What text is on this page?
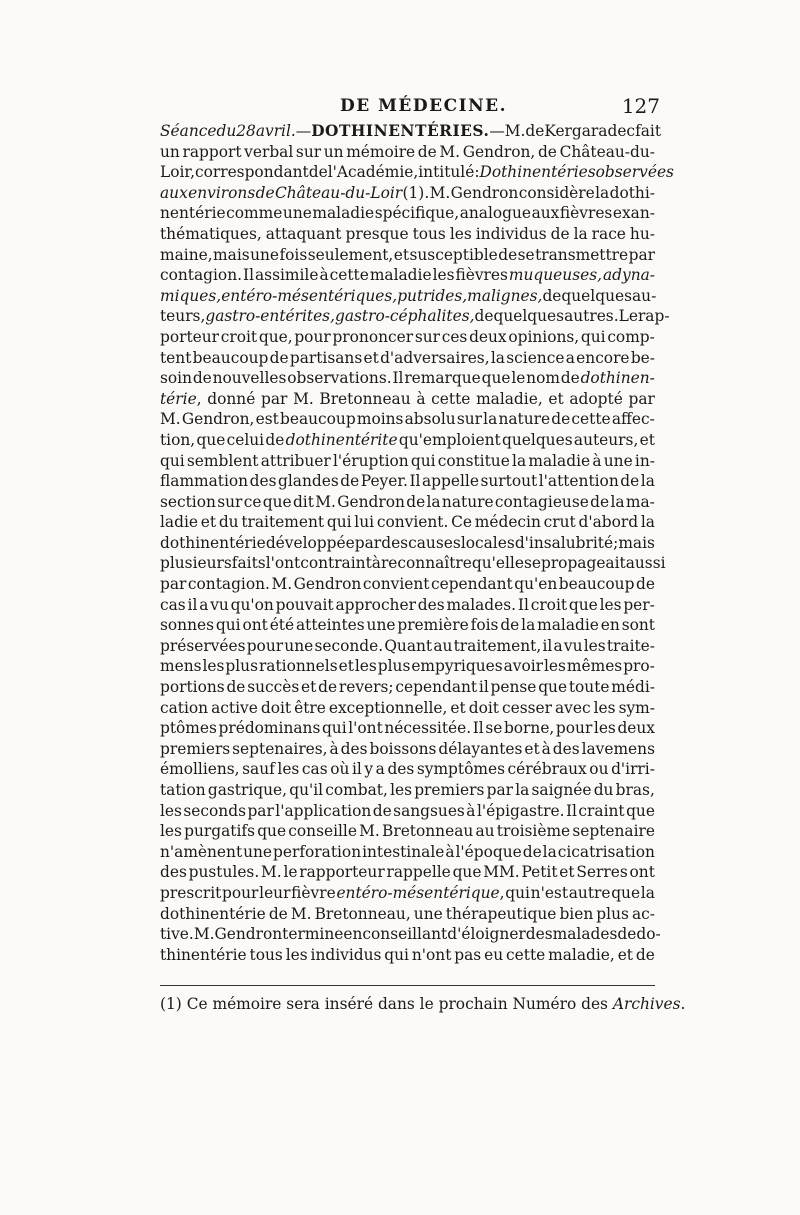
DE MÉDECINE.	127
Séance du 28 avril. — DOTHINENTÉRIES. — M. de Kergaradec fait
un rapport verbal sur un mémoire de M. Gendron, de Château-du-
Loir, correspondant de l'Académie, intitulé : Dothinentéries observées
aux environs de Château-du-Loir (1). M. Gendron considère la dothi-
nentérie comme une maladie spécifique, analogue aux fièvres exan-
thématiques, attaquant presque tous les individus de la race hu-
maine, mais une fois seulement, et susceptible de se transmettre par
contagion. Il assimile à cette maladie les fièvres muqueuses, adyna-
miques, entéro-mésentériques, putrides, malignes, de quelques au-
teurs, gastro-entérites, gastro-céphalites, de quelques autres. Le rap-
porteur croit que, pour prononcer sur ces deux opinions, qui comp-
tent beaucoup de partisans et d'adversaires, la science a encore be-
soin de nouvelles observations. Il remarque que le nom de dothinen-
térie, donné par M. Bretonneau à cette maladie, et adopté par
M. Gendron, est beaucoup moins absolu sur la nature de cette affec-
tion, que celui de dothinentérite qu'emploient quelques auteurs, et
qui semblent attribuer l'éruption qui constitue la maladie à une in-
flammation des glandes de Peyer. Il appelle surtout l'attention de la
section sur ce que dit M. Gendron de la nature contagieuse de la ma-
ladie et du traitement qui lui convient. Ce médecin crut d'abord la
dothinentérie développée par des causes locales d'insalubrité; mais
plusieurs faits l'ont contraint à reconnaître qu'elle se propageait aussi
par contagion. M. Gendron convient cependant qu'en beaucoup de
cas il a vu qu'on pouvait approcher des malades. Il croit que les per-
sonnes qui ont été atteintes une première fois de la maladie en sont
préservées pour une seconde. Quant au traitement, il a vu les traite-
mens les plus rationnels et les plus empyriques avoir les mêmes pro-
portions de succès et de revers; cependant il pense que toute médi-
cation active doit être exceptionnelle, et doit cesser avec les sym-
ptômes prédominans qui l'ont nécessitée. Il se borne, pour les deux
premiers septenaires, à des boissons délayantes et à des lavemens
émolliens, sauf les cas où il y a des symptômes cérébraux ou d'irri-
tation gastrique, qu'il combat, les premiers par la saignée du bras,
les seconds par l'application de sangsues à l'épigastre. Il craint que
les purgatifs que conseille M. Bretonneau au troisième septenaire
n'amènent une perforation intestinale à l'époque de la cicatrisation
des pustules. M. le rapporteur rappelle que MM. Petit et Serres ont
prescrit pour leur fièvre entéro-mésentérique, qui n'est autre que la
dothinentérie de M. Bretonneau, une thérapeutique bien plus ac-
tive. M. Gendron termine en conseillant d'éloigner des malades de do-
thinentérie tous les individus qui n'ont pas eu cette maladie, et de
(1) Ce mémoire sera inséré dans le prochain Numéro des Archives.
